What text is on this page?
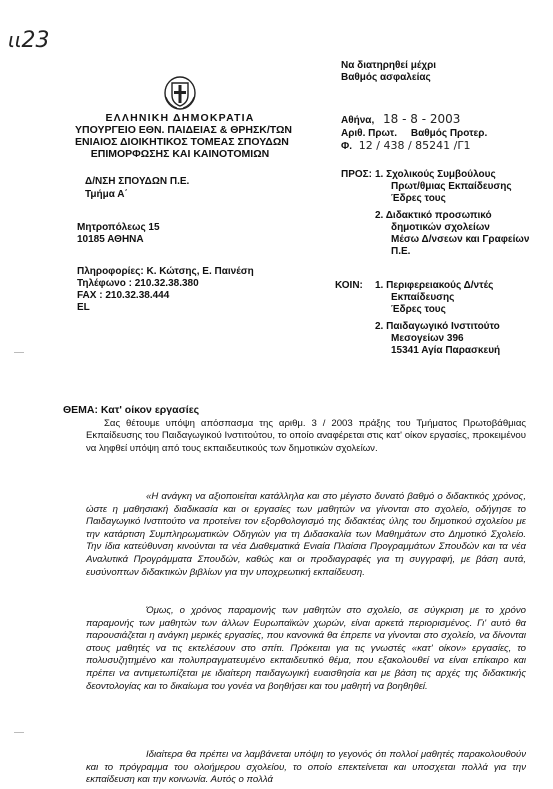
ιι23
Να διατηρηθεί μέχρι
Βαθμός ασφαλείας
ΕΛΛΗΝΙΚΗ ΔΗΜΟΚΡΑΤΙΑ
ΥΠΟΥΡΓΕΙΟ ΕΘΝ. ΠΑΙΔΕΙΑΣ & ΘΡΗΣΚ/ΤΩΝ
ΕΝΙΑΙΟΣ ΔΙΟΙΚΗΤΙΚΟΣ ΤΟΜΕΑΣ ΣΠΟΥΔΩΝ
ΕΠΙΜΟΡΦΩΣΗΣ ΚΑΙ ΚΑΙΝΟΤΟΜΙΩΝ
Αθήνα, 18 - 8 - 2003
Αριθ. Πρωτ.     Βαθμός Προτερ.
Φ. 12 / 438 / 85241 /Γ1
Δ/ΝΣΗ ΣΠΟΥΔΩΝ Π.Ε.
Τμήμα Α΄
Μητροπόλεως 15
10185 ΑΘΗΝΑ
Πληροφορίες: Κ. Κώτσης, Ε. Παινέση
Τηλέφωνο : 210.32.38.380
FAX : 210.32.38.444
EL
ΠΡΟΣ: 1. Σχολικούς Συμβούλους
Πρωτ/θμιας Εκπαίδευσης
Έδρες τους
2. Διδακτικό προσωπικό
δημοτικών σχολείων
Μέσω Δ/νσεων και Γραφείων
Π.Ε.
ΚΟΙΝ: 1. Περιφερειακούς Δ/ντές
Εκπαίδευσης
Έδρες τους
2. Παιδαγωγικό Ινστιτούτο
Μεσογείων 396
15341 Αγία Παρασκευή
ΘΕΜΑ: Κατ' οίκον εργασίες
Σας θέτουμε υπόψη απόσπασμα της αριθμ. 3 / 2003 πράξης του Τμήματος Πρωτοβάθμιας Εκπαίδευσης του Παιδαγωγικού Ινστιτούτου, το οποίο αναφέρεται στις κατ' οίκον εργασίες, προκειμένου να ληφθεί υπόψη από τους εκπαιδευτικούς των δημοτικών σχολείων.
«Η ανάγκη να αξιοποιείται κατάλληλα και στο μέγιστο δυνατό βαθμό ο διδακτικός χρόνος, ώστε η μαθησιακή διαδικασία και οι εργασίες των μαθητών να γίνονται στο σχολείο, οδήγησε το Παιδαγωγικό Ινστιτούτο να προτείνει τον εξορθολογισμό της διδακτέας ύλης του δημοτικού σχολείου με την κατάρτιση Συμπληρωματικών Οδηγιών για τη Διδασκαλία των Μαθημάτων στο Δημοτικό Σχολείο. Την ίδια κατεύθυνση κινούνται τα νέα Διαθεματικά Ενιαία Πλαίσια Προγραμμάτων Σπουδών και τα νέα Αναλυτικά Προγράμματα Σπουδών, καθώς και οι προδιαγραφές για τη συγγραφή, με βάση αυτά, ευσύνοπτων διδακτικών βιβλίων για την υποχρεωτική εκπαίδευση.
Όμως, ο χρόνος παραμονής των μαθητών στο σχολείο, σε σύγκριση με το χρόνο παραμονής των μαθητών των άλλων Ευρωπαϊκών χωρών, είναι αρκετά περιορισμένος. Γι' αυτό θα παρουσιάζεται η ανάγκη μερικές εργασίες, που κανονικά θα έπρεπε να γίνονται στο σχολείο, να δίνονται στους μαθητές να τις εκτελέσουν στο σπίτι. Πρόκειται για τις γνωστές «κατ' οίκον» εργασίες, το πολυσυζητημένο και πολυπραγματευμένο εκπαιδευτικό θέμα, που εξακολουθεί να είναι επίκαιρο και πρέπει να αντιμετωπίζεται με ιδιαίτερη παιδαγωγική ευαισθησία και με βάση τις αρχές της διδακτικής δεοντολογίας και το δικαίωμα του γονέα να βοηθήσει και του μαθητή να βοηθηθεί.
Ιδιαίτερα θα πρέπει να λαμβάνεται υπόψη το γεγονός ότι πολλοί μαθητές παρακολουθούν και το πρόγραμμα του ολοήμερου σχολείου, το οποίο επεκτείνεται και υποσχεται πολλά για την εκπαίδευση και την κοινωνία. Αυτός ο πολλά
